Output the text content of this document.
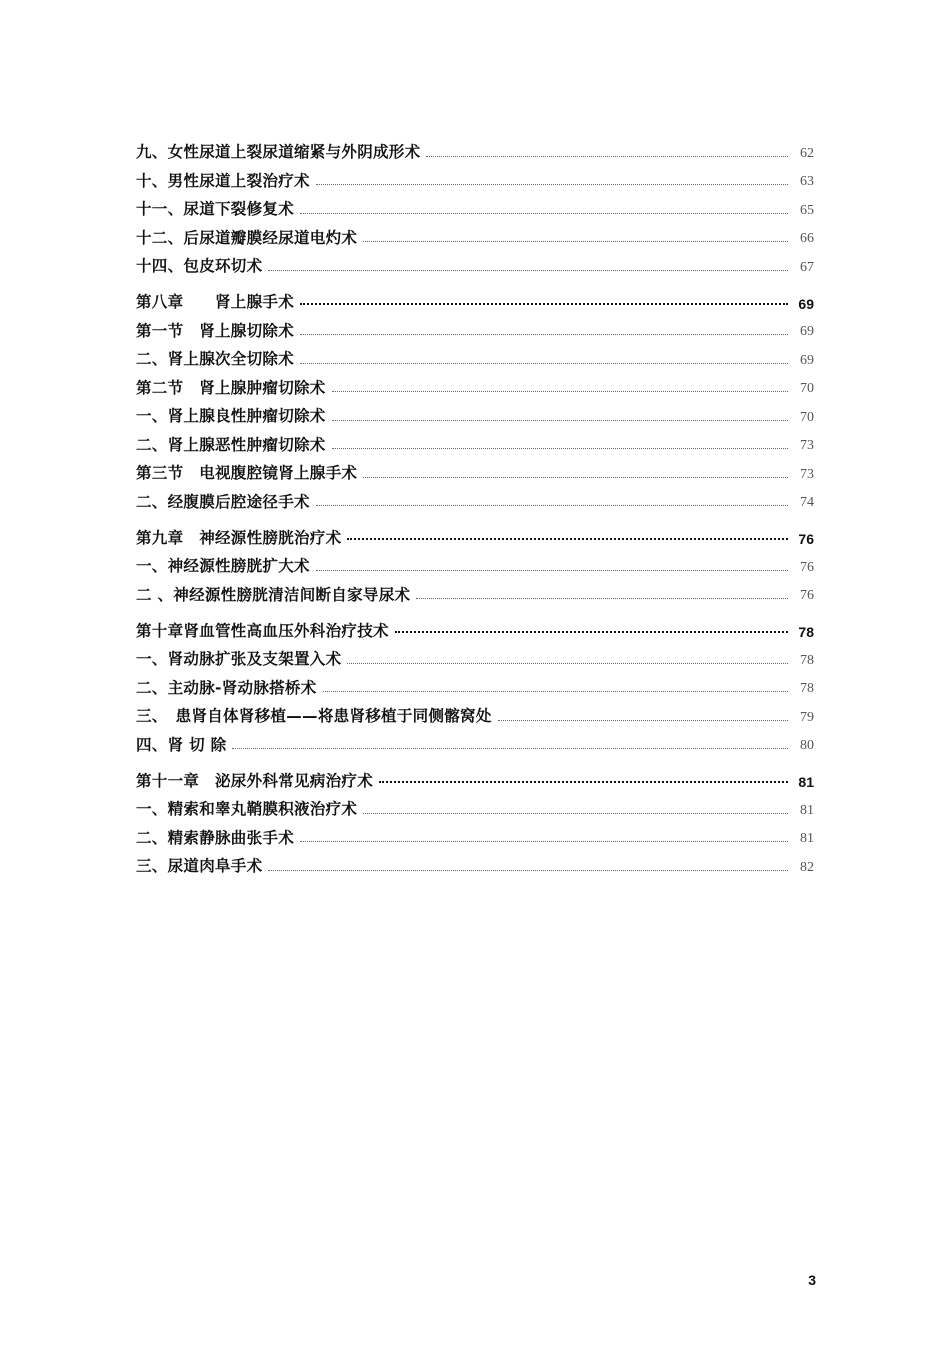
九、女性尿道上裂尿道缩紧与外阴成形术	62
十、男性尿道上裂治疗术	63
十一、尿道下裂修复术	65
十二、后尿道瓣膜经尿道电灼术	66
十四、包皮环切术	67
第八章　　肾上腺手术	69
第一节　肾上腺切除术	69
二、肾上腺次全切除术	69
第二节　肾上腺肿瘤切除术	70
一、肾上腺良性肿瘤切除术	70
二、肾上腺恶性肿瘤切除术	73
第三节　电视腹腔镜肾上腺手术	73
二、经腹膜后腔途径手术	74
第九章　神经源性膀胱治疗术	76
一、神经源性膀胱扩大术	76
二 、神经源性膀胱清洁间断自家导尿术	76
第十章肾血管性高血压外科治疗技术	78
一、肾动脉扩张及支架置入术	78
二、主动脉-肾动脉搭桥术	78
三、　患肾自体肾移植——将患肾移植于同侧髂窝处	79
四、肾 切 除	80
第十一章　泌尿外科常见病治疗术	81
一、精索和睾丸鞘膜积液治疗术	81
二、精索静脉曲张手术	81
三、尿道肉阜手术	82
3
